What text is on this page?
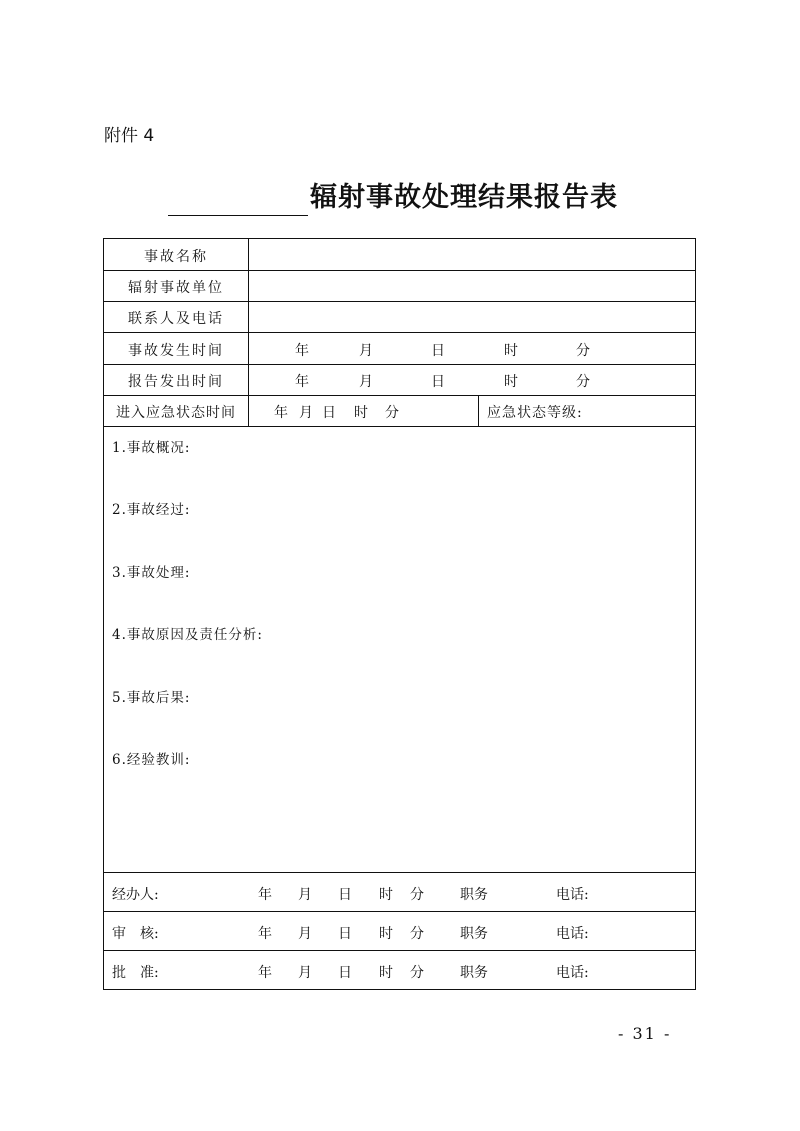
附件 4
辐射事故处理结果报告表
事故名称
辐射事故单位
联系人及电话
事故发生时间	年	月	日	时	分
报告发出时间	年	月	日	时	分
进入应急状态时间	年 月 日 时 分	应急状态等级:
1.事故概况:
2.事故经过:
3.事故处理:
4.事故原因及责任分析:
5.事故后果:
6.经验教训:
经办人:	年 月 日 时 分	职务	电话:
审　核:	年 月 日 时 分	职务	电话:
批　准:	年 月 日 时 分	职务	电话:
- 31 -
